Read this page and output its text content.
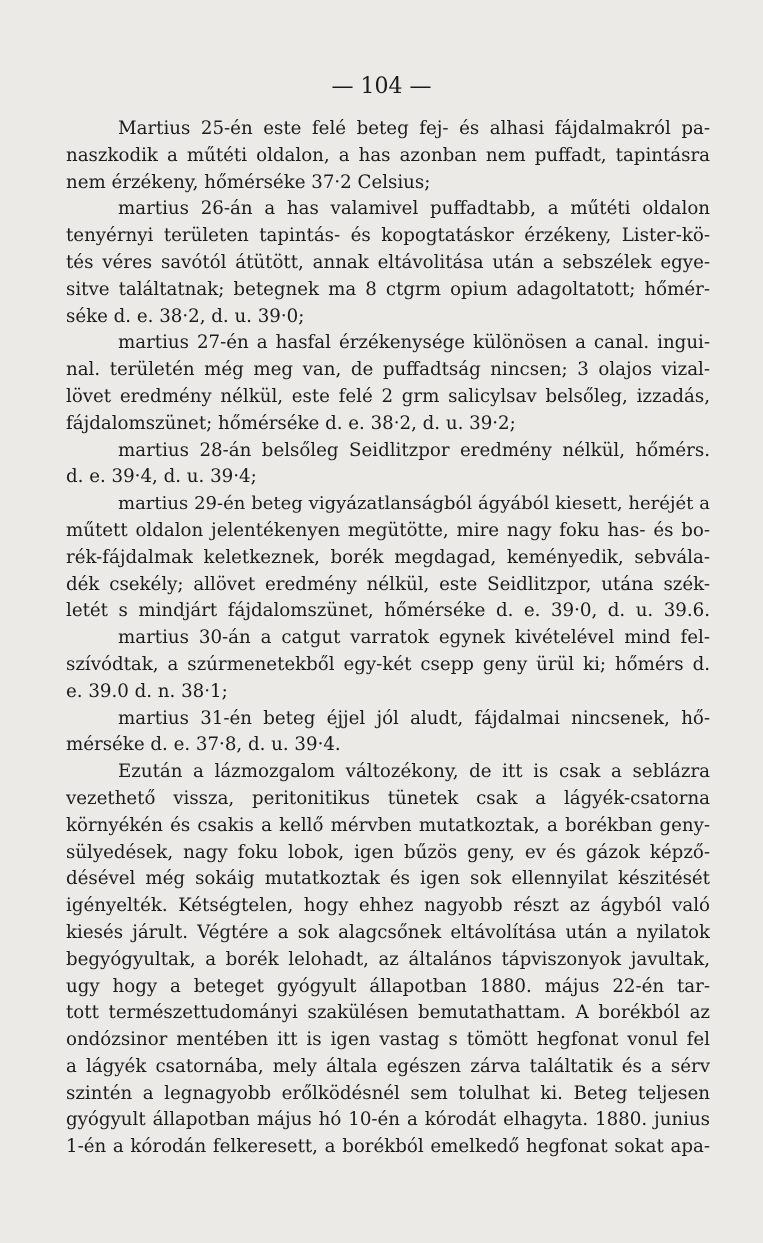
— 104 —

Martius 25-én este felé beteg fej- és alhasi fájdalmakról pa-
naszkodik a műtéti oldalon, a has azonban nem puffadt, tapintásra
nem érzékeny, hőmérséke 37·2 Celsius;
martius 26-án a has valamivel puffadtabb, a műtéti oldalon
tenyérnyi területen tapintás- és kopogtatáskor érzékeny, Lister-kö-
tés véres savótól átütött, annak eltávolitása után a sebszélek egye-
sitve találtatnak; betegnek ma 8 ctgrm opium adagoltatott; hőmér-
séke d. e. 38·2, d. u. 39·0;
martius 27-én a hasfal érzékenysége különösen a canal. ingui-
nal. területén még meg van, de puffadtság nincsen; 3 olajos vizal-
lövet eredmény nélkül, este felé 2 grm salicylsav belsőleg, izzadás,
fájdalomszünet; hőmérséke d. e. 38·2, d. u. 39·2;
martius 28-án belsőleg Seidlitzpor eredmény nélkül, hőmérs.
d. e. 39·4, d. u. 39·4;
martius 29-én beteg vigyázatlanságból ágyából kiesett, heréjét a
műtett oldalon jelentékenyen megütötte, mire nagy foku has- és bo-
rék-fájdalmak keletkeznek, borék megdagad, keményedik, sebvála-
dék csekély; allövet eredmény nélkül, este Seidlitzpor, utána szék-
letét s mindjárt fájdalomszünet, hőmérséke d. e. 39·0, d. u. 39.6.
martius 30-án a catgut varratok egynek kivételével mind fel-
szívódtak, a szúrmenetekből egy-két csepp geny ürül ki; hőmérs d.
e. 39.0 d. n. 38·1;
martius 31-én beteg éjjel jól aludt, fájdalmai nincsenek, hő-
mérséke d. e. 37·8, d. u. 39·4.
Ezután a lázmozgalom változékony, de itt is csak a seblázra
vezethető vissza, peritonitikus tünetek csak a lágyék-csatorna
környékén és csakis a kellő mérvben mutatkoztak, a borékban geny-
sülyedések, nagy foku lobok, igen bűzös geny, ev és gázok képző-
désével még sokáig mutatkoztak és igen sok ellennyilat készitését
igényelték. Kétségtelen, hogy ehhez nagyobb részt az ágyból való
kiesés járult. Végtére a sok alagcsőnek eltávolítása után a nyilatok
begyógyultak, a borék lelohadt, az általános tápviszonyok javultak,
ugy hogy a beteget gyógyult állapotban 1880. május 22-én tar-
tott természettudományi szakülésen bemutathattam. A borékból az
ondózsinor mentében itt is igen vastag s tömött hegfonat vonul fel
a lágyék csatornába, mely általa egészen zárva találtatik és a sérv
szintén a legnagyobb erőlködésnél sem tolulhat ki. Beteg teljesen
gyógyult állapotban május hó 10-én a kórodát elhagyta. 1880. junius
1-én a kórodán felkeresett, a borékból emelkedő hegfonat sokat apa-
